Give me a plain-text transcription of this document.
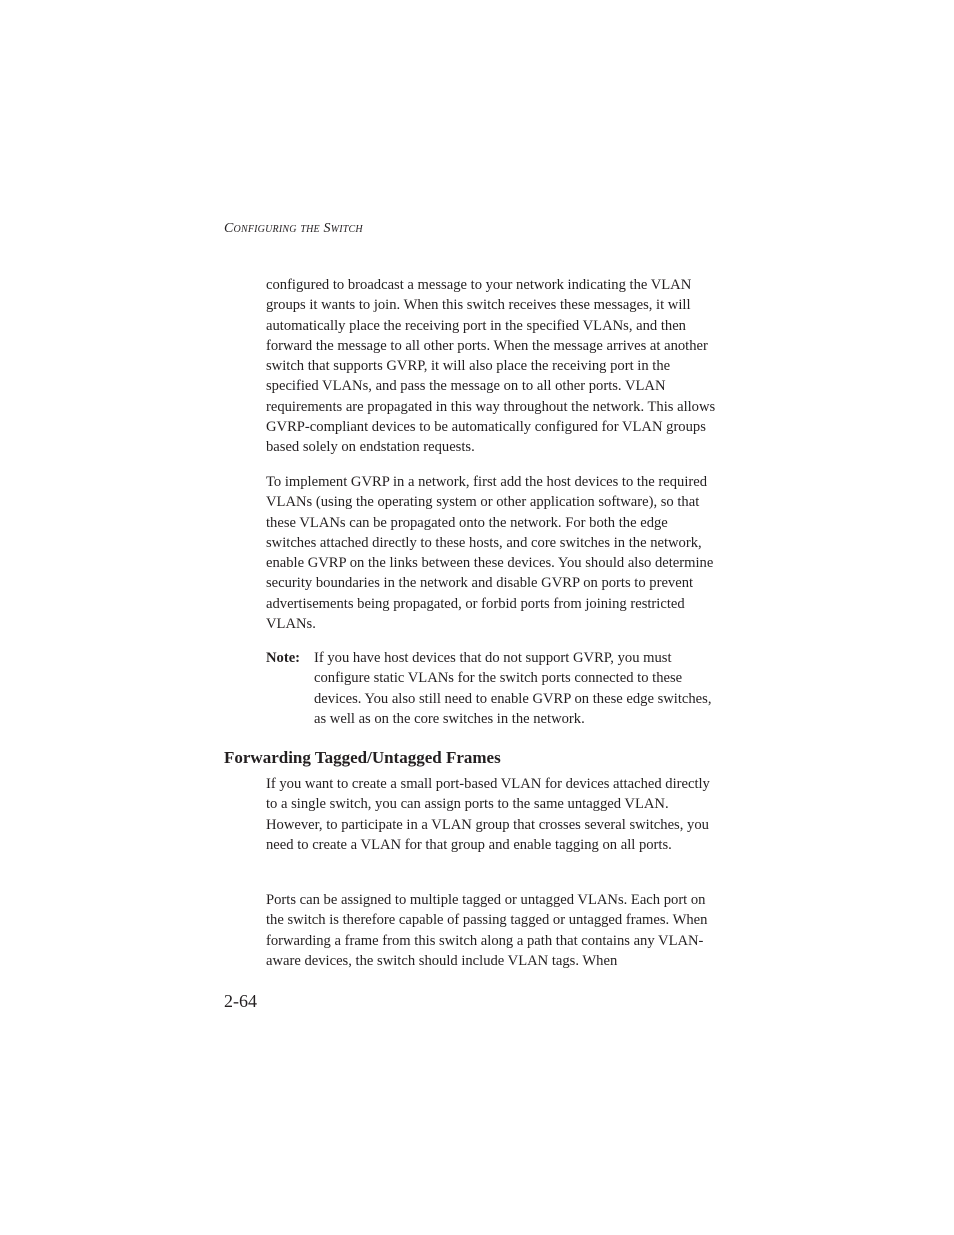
Configuring the Switch

configured to broadcast a message to your network indicating the VLAN groups it wants to join. When this switch receives these messages, it will automatically place the receiving port in the specified VLANs, and then forward the message to all other ports. When the message arrives at another switch that supports GVRP, it will also place the receiving port in the specified VLANs, and pass the message on to all other ports. VLAN requirements are propagated in this way throughout the network. This allows GVRP-compliant devices to be automatically configured for VLAN groups based solely on endstation requests.

To implement GVRP in a network, first add the host devices to the required VLANs (using the operating system or other application software), so that these VLANs can be propagated onto the network. For both the edge switches attached directly to these hosts, and core switches in the network, enable GVRP on the links between these devices. You should also determine security boundaries in the network and disable GVRP on ports to prevent advertisements being propagated, or forbid ports from joining restricted VLANs.

Note: If you have host devices that do not support GVRP, you must configure static VLANs for the switch ports connected to these devices. You also still need to enable GVRP on these edge switches, as well as on the core switches in the network.
Forwarding Tagged/Untagged Frames

If you want to create a small port-based VLAN for devices attached directly to a single switch, you can assign ports to the same untagged VLAN. However, to participate in a VLAN group that crosses several switches, you need to create a VLAN for that group and enable tagging on all ports.

Ports can be assigned to multiple tagged or untagged VLANs. Each port on the switch is therefore capable of passing tagged or untagged frames. When forwarding a frame from this switch along a path that contains any VLAN-aware devices, the switch should include VLAN tags. When

2-64
